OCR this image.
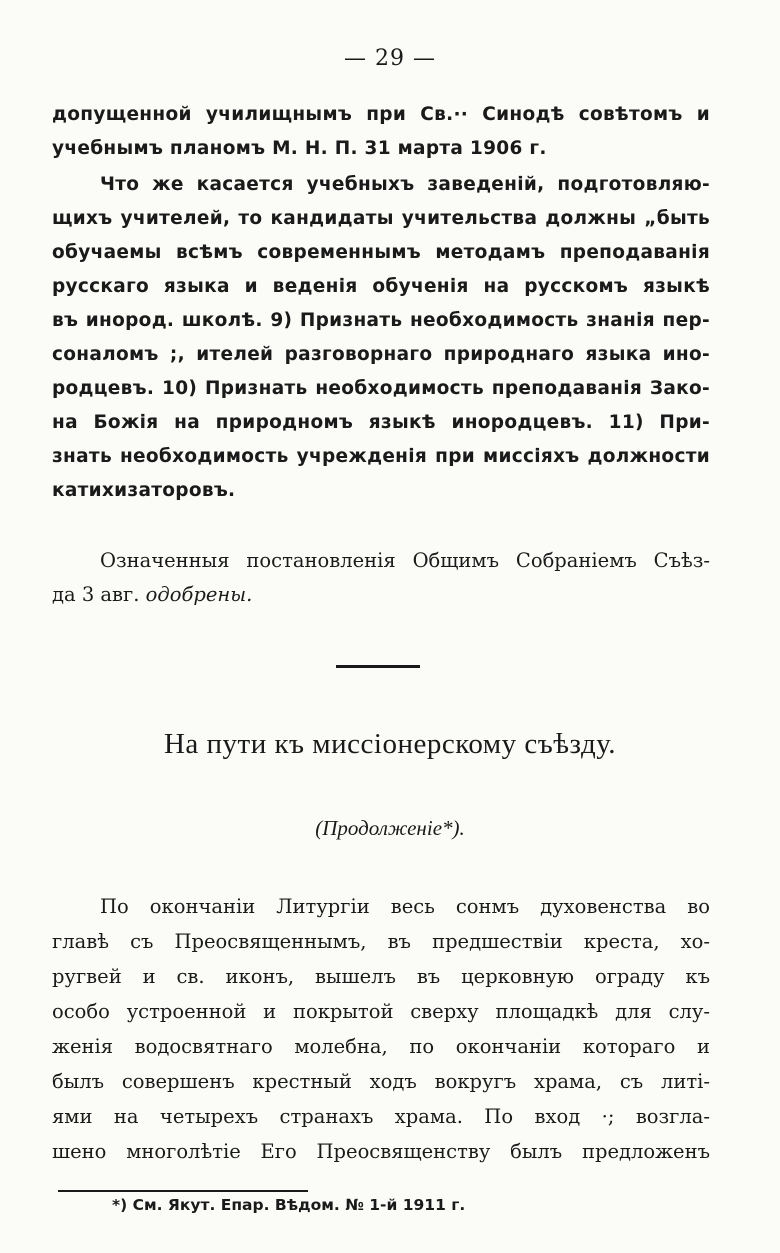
— 29 —
допущенной училищнымъ при Св.·· Синодѣ совѣтомъ и
учебнымъ планомъ М. Н. П. 31 марта 1906 г.
Что же касается учебныхъ заведеній, подготовляю-
щихъ учителей, то кандидаты учительства должны „быть
обучаемы всѣмъ современнымъ методамъ преподаванія
русскаго языка и веденія обученія на русскомъ языкѣ
въ инород. школѣ. 9) Признать необходимость знанія пер-
соналомъ ;, ителей разговорнаго природнаго языка ино-
родцевъ. 10) Признать необходимость преподаванія Зако-
на Божія на природномъ языкѣ инородцевъ. 11) При-
знать необходимость учрежденія при миссіяхъ должности
катихизаторовъ.
Означенныя постановленія Общимъ Собраніемъ Съѣз-
да 3 авг. одобрены.
На пути къ миссіонерскому съѣзду.
(Продолженіе*).
По окончаніи Литургіи весь сонмъ духовенства во
главѣ съ Преосвященнымъ, въ предшествіи креста, хо-
ругвей и св. иконъ, вышелъ въ церковную ограду къ
особо устроенной и покрытой сверху площадкѣ для слу-
женія водосвятнаго молебна, по окончаніи котораго и
былъ совершенъ крестный ходъ вокругъ храма, съ литі-
ями на четырехъ странахъ храма. По вход ·; возгла-
шено многолѣтіе Его Преосвященству былъ предложенъ
*) См. Якут. Епар. Вѣдом. № 1-й 1911 г.
